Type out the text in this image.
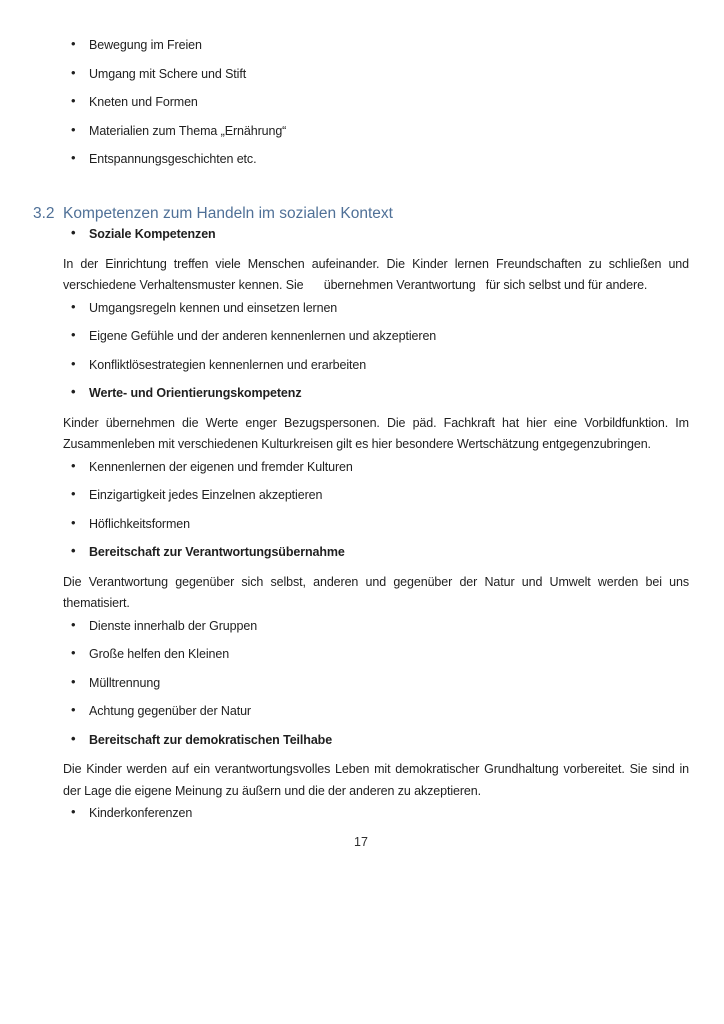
• Bewegung im Freien
• Umgang mit Schere und Stift
• Kneten und Formen
• Materialien zum Thema „Ernährung“
• Entspannungsgeschichten etc.
3.2 Kompetenzen zum Handeln im sozialen Kontext
• Soziale Kompetenzen

In der Einrichtung treffen viele Menschen aufeinander. Die Kinder lernen Freundschaften zu schließen und verschiedene Verhaltensmuster kennen. Sie      übernehmen Verantwortung   für sich selbst und für andere.

• Umgangsregeln kennen und einsetzen lernen
• Eigene Gefühle und der anderen kennenlernen und akzeptieren
• Konfliktlösestrategien kennenlernen und erarbeiten
• Werte- und Orientierungskompetenz

Kinder übernehmen die Werte enger Bezugspersonen. Die päd. Fachkraft hat hier eine Vorbildfunktion. Im Zusammenleben mit verschiedenen Kulturkreisen gilt es hier besondere Wertschätzung entgegenzubringen.

• Kennenlernen der eigenen und fremder Kulturen
• Einzigartigkeit jedes Einzelnen akzeptieren
• Höflichkeitsformen
• Bereitschaft zur Verantwortungsübernahme

Die Verantwortung gegenüber sich selbst, anderen und gegenüber der Natur und Umwelt werden bei uns thematisiert.

• Dienste innerhalb der Gruppen
• Große helfen den Kleinen
• Mülltrennung
• Achtung gegenüber der Natur
• Bereitschaft zur demokratischen Teilhabe

Die Kinder werden auf ein verantwortungsvolles Leben mit demokratischer Grundhaltung vorbereitet. Sie sind in der Lage die eigene Meinung zu äußern und die der anderen zu akzeptieren.

• Kinderkonferenzen
17
